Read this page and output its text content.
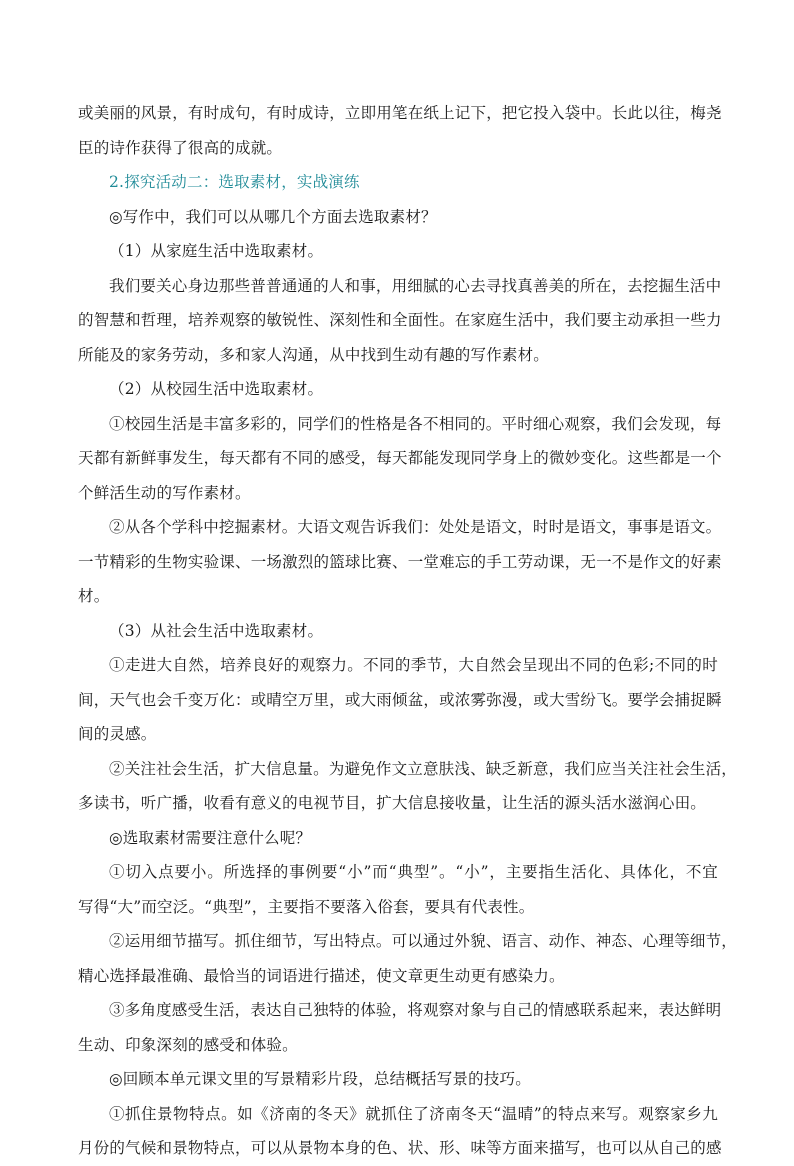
或美丽的风景，有时成句，有时成诗，立即用笔在纸上记下，把它投入袋中。长此以往，梅尧
臣的诗作获得了很高的成就。
2.探究活动二：选取素材，实战演练
◎写作中，我们可以从哪几个方面去选取素材？
（1）从家庭生活中选取素材。
我们要关心身边那些普普通通的人和事，用细腻的心去寻找真善美的所在，去挖掘生活中
的智慧和哲理，培养观察的敏锐性、深刻性和全面性。在家庭生活中，我们要主动承担一些力
所能及的家务劳动，多和家人沟通，从中找到生动有趣的写作素材。
（2）从校园生活中选取素材。
①校园生活是丰富多彩的，同学们的性格是各不相同的。平时细心观察，我们会发现，每
天都有新鲜事发生，每天都有不同的感受，每天都能发现同学身上的微妙变化。这些都是一个
个鲜活生动的写作素材。
②从各个学科中挖掘素材。大语文观告诉我们：处处是语文，时时是语文，事事是语文。
一节精彩的生物实验课、一场激烈的篮球比赛、一堂难忘的手工劳动课，无一不是作文的好素
材。
（3）从社会生活中选取素材。
①走进大自然，培养良好的观察力。不同的季节，大自然会呈现出不同的色彩;不同的时
间，天气也会千变万化：或晴空万里，或大雨倾盆，或浓雾弥漫，或大雪纷飞。要学会捕捉瞬
间的灵感。
②关注社会生活，扩大信息量。为避免作文立意肤浅、缺乏新意，我们应当关注社会生活，
多读书，听广播，收看有意义的电视节目，扩大信息接收量，让生活的源头活水滋润心田。
◎选取素材需要注意什么呢？
①切入点要小。所选择的事例要“小”而“典型”。“小”，主要指生活化、具体化，不宜
写得“大”而空泛。“典型”，主要指不要落入俗套，要具有代表性。
②运用细节描写。抓住细节，写出特点。可以通过外貌、语言、动作、神态、心理等细节，
精心选择最准确、最恰当的词语进行描述，使文章更生动更有感染力。
③多角度感受生活，表达自己独特的体验，将观察对象与自己的情感联系起来，表达鲜明
生动、印象深刻的感受和体验。
◎回顾本单元课文里的写景精彩片段，总结概括写景的技巧。
①抓住景物特点。如《济南的冬天》就抓住了济南冬天“温晴”的特点来写。观察家乡九
月份的气候和景物特点，可以从景物本身的色、状、形、味等方面来描写，也可以从自己的感
